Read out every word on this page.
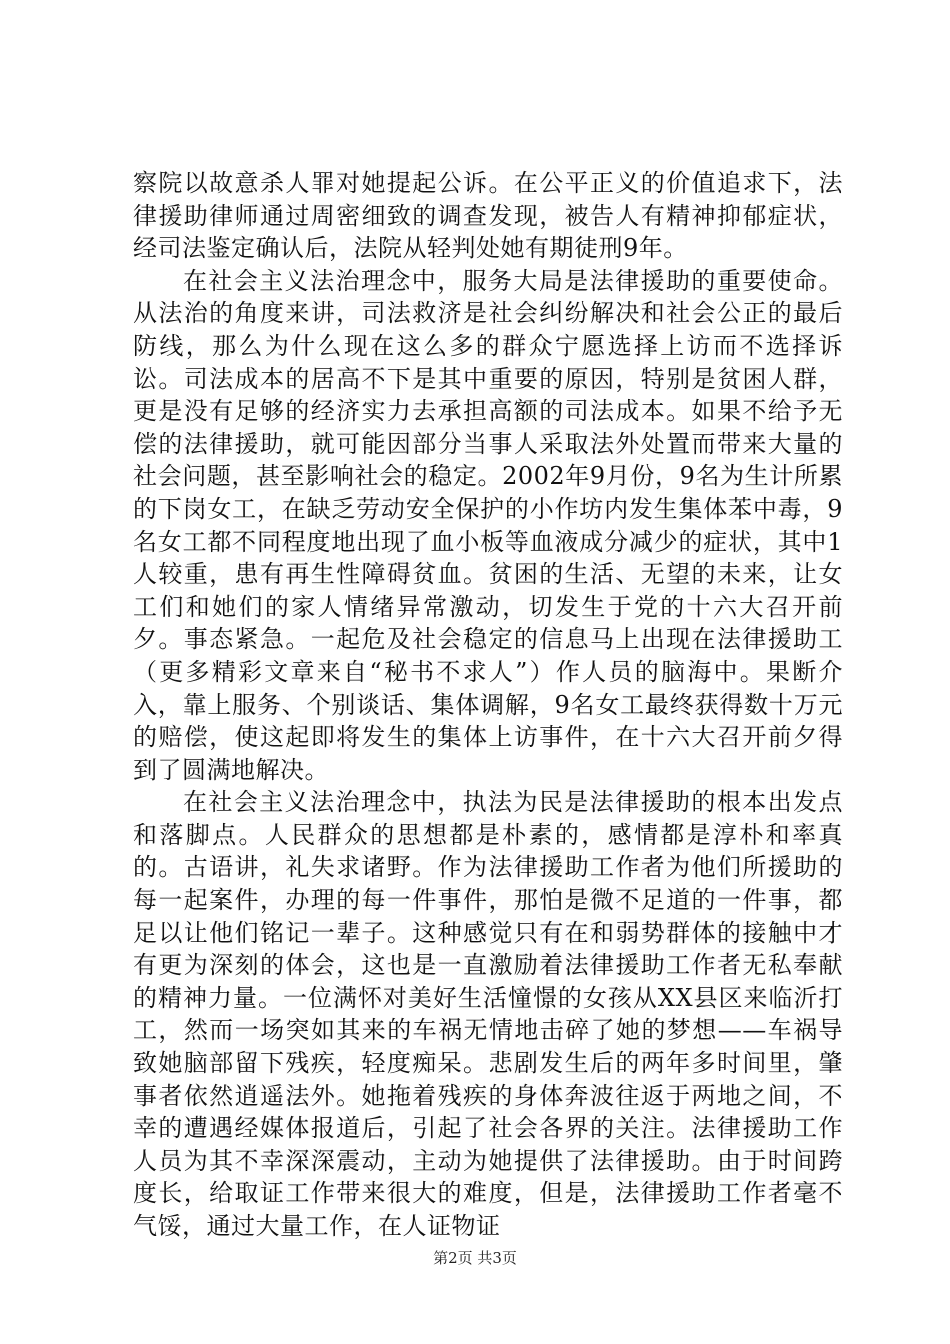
察院以故意杀人罪对她提起公诉。在公平正义的价值追求下，法律援助律师通过周密细致的调查发现，被告人有精神抑郁症状，经司法鉴定确认后，法院从轻判处她有期徒刑9年。

在社会主义法治理念中，服务大局是法律援助的重要使命。从法治的角度来讲，司法救济是社会纠纷解决和社会公正的最后防线，那么为什么现在这么多的群众宁愿选择上访而不选择诉讼。司法成本的居高不下是其中重要的原因，特别是贫困人群，更是没有足够的经济实力去承担高额的司法成本。如果不给予无偿的法律援助，就可能因部分当事人采取法外处置而带来大量的社会问题，甚至影响社会的稳定。2002年9月份，9名为生计所累的下岗女工，在缺乏劳动安全保护的小作坊内发生集体苯中毒，9名女工都不同程度地出现了血小板等血液成分减少的症状，其中1人较重，患有再生性障碍贫血。贫困的生活、无望的未来，让女工们和她们的家人情绪异常激动，切发生于党的十六大召开前夕。事态紧急。一起危及社会稳定的信息马上出现在法律援助工（更多精彩文章来自“秘书不求人”）作人员的脑海中。果断介入，靠上服务、个别谈话、集体调解，9名女工最终获得数十万元的赔偿，使这起即将发生的集体上访事件，在十六大召开前夕得到了圆满地解决。

在社会主义法治理念中，执法为民是法律援助的根本出发点和落脚点。人民群众的思想都是朴素的，感情都是淳朴和率真的。古语讲，礼失求诸野。作为法律援助工作者为他们所援助的每一起案件，办理的每一件事件，那怕是微不足道的一件事，都足以让他们铭记一辈子。这种感觉只有在和弱势群体的接触中才有更为深刻的体会，这也是一直激励着法律援助工作者无私奉献的精神力量。一位满怀对美好生活憧憬的女孩从XX县区来临沂打工，然而一场突如其来的车祸无情地击碎了她的梦想——车祸导致她脑部留下残疾，轻度痴呆。悲剧发生后的两年多时间里，肇事者依然逍遥法外。她拖着残疾的身体奔波往返于两地之间，不幸的遭遇经媒体报道后，引起了社会各界的关注。法律援助工作人员为其不幸深深震动，主动为她提供了法律援助。由于时间跨度长，给取证工作带来很大的难度，但是，法律援助工作者毫不气馁，通过大量工作，在人证物证

第2页 共3页
